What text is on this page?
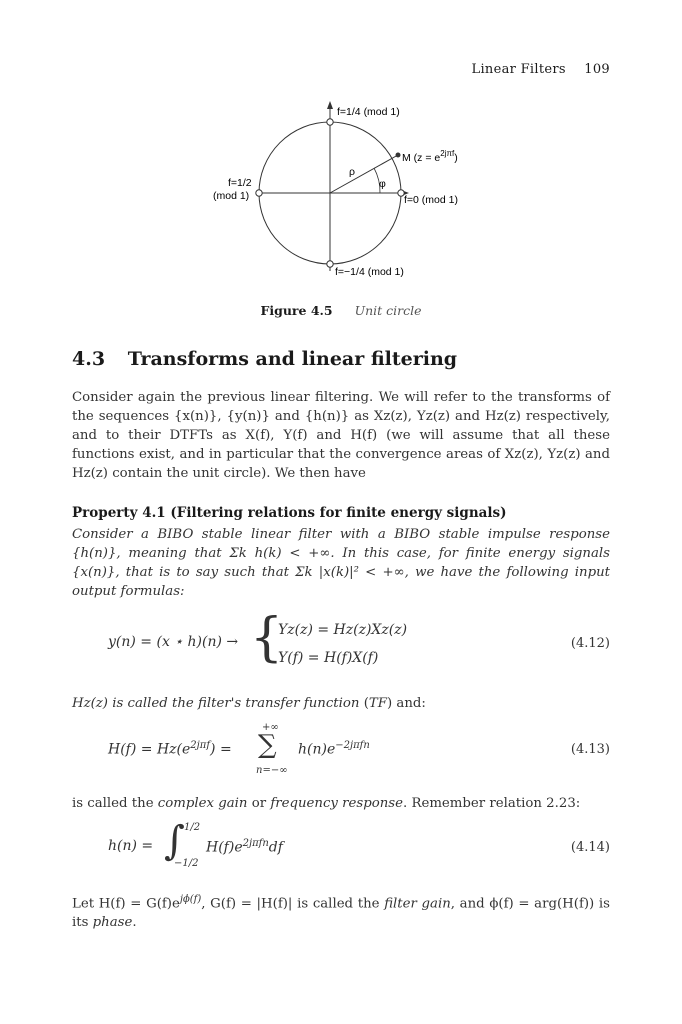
Linear Filters 109
f=1/4 (mod 1)
M $(z = e^{2j\pi f})$
ρ
φ
f=1/2
(mod 1)	f=0 (mod 1)
f=−1/4 (mod 1)
Figure 4.5 Unit circle
4.3 Transforms and linear filtering
Consider again the previous linear filtering. We will refer to the transforms of the sequences {x(n)}, {y(n)} and {h(n)} as Xz(z), Yz(z) and Hz(z) respectively, and to their DTFTs as X(f), Y(f) and H(f) (we will assume that all these functions exist, and in particular that the convergence areas of Xz(z), Yz(z) and Hz(z) contain the unit circle). We then have
Property 4.1 (Filtering relations for finite energy signals)
Consider a BIBO stable linear filter with a BIBO stable impulse response {h(n)}, meaning that Σk h(k) < +∞. In this case, for finite energy signals {x(n)}, that is to say such that Σk |x(k)|² < +∞, we have the following input output formulas:
y(n) = (x ⋆ h)(n) → {
Yz(z) = Hz(z)Xz(z)
Y(f) = H(f)X(f)
(4.12)
Hz(z) is called the filter's transfer function (TF) and:
$H(f) = Hz(e^{2j\pi f})$ =
+∞
∑
n=−∞
$h(n)e^{-2j\pi fn}$	(4.13)
is called the complex gain or frequency response. Remember relation 2.23:
h(n) =
1/2
∫
−1/2
$H(f)e^{2j\pi fn}df$	(4.14)
Let $H(f) = G(f)e^{j\phi(f)}$, G(f) = |H(f)| is called the filter gain, and ϕ(f) = arg(H(f)) is its phase.
